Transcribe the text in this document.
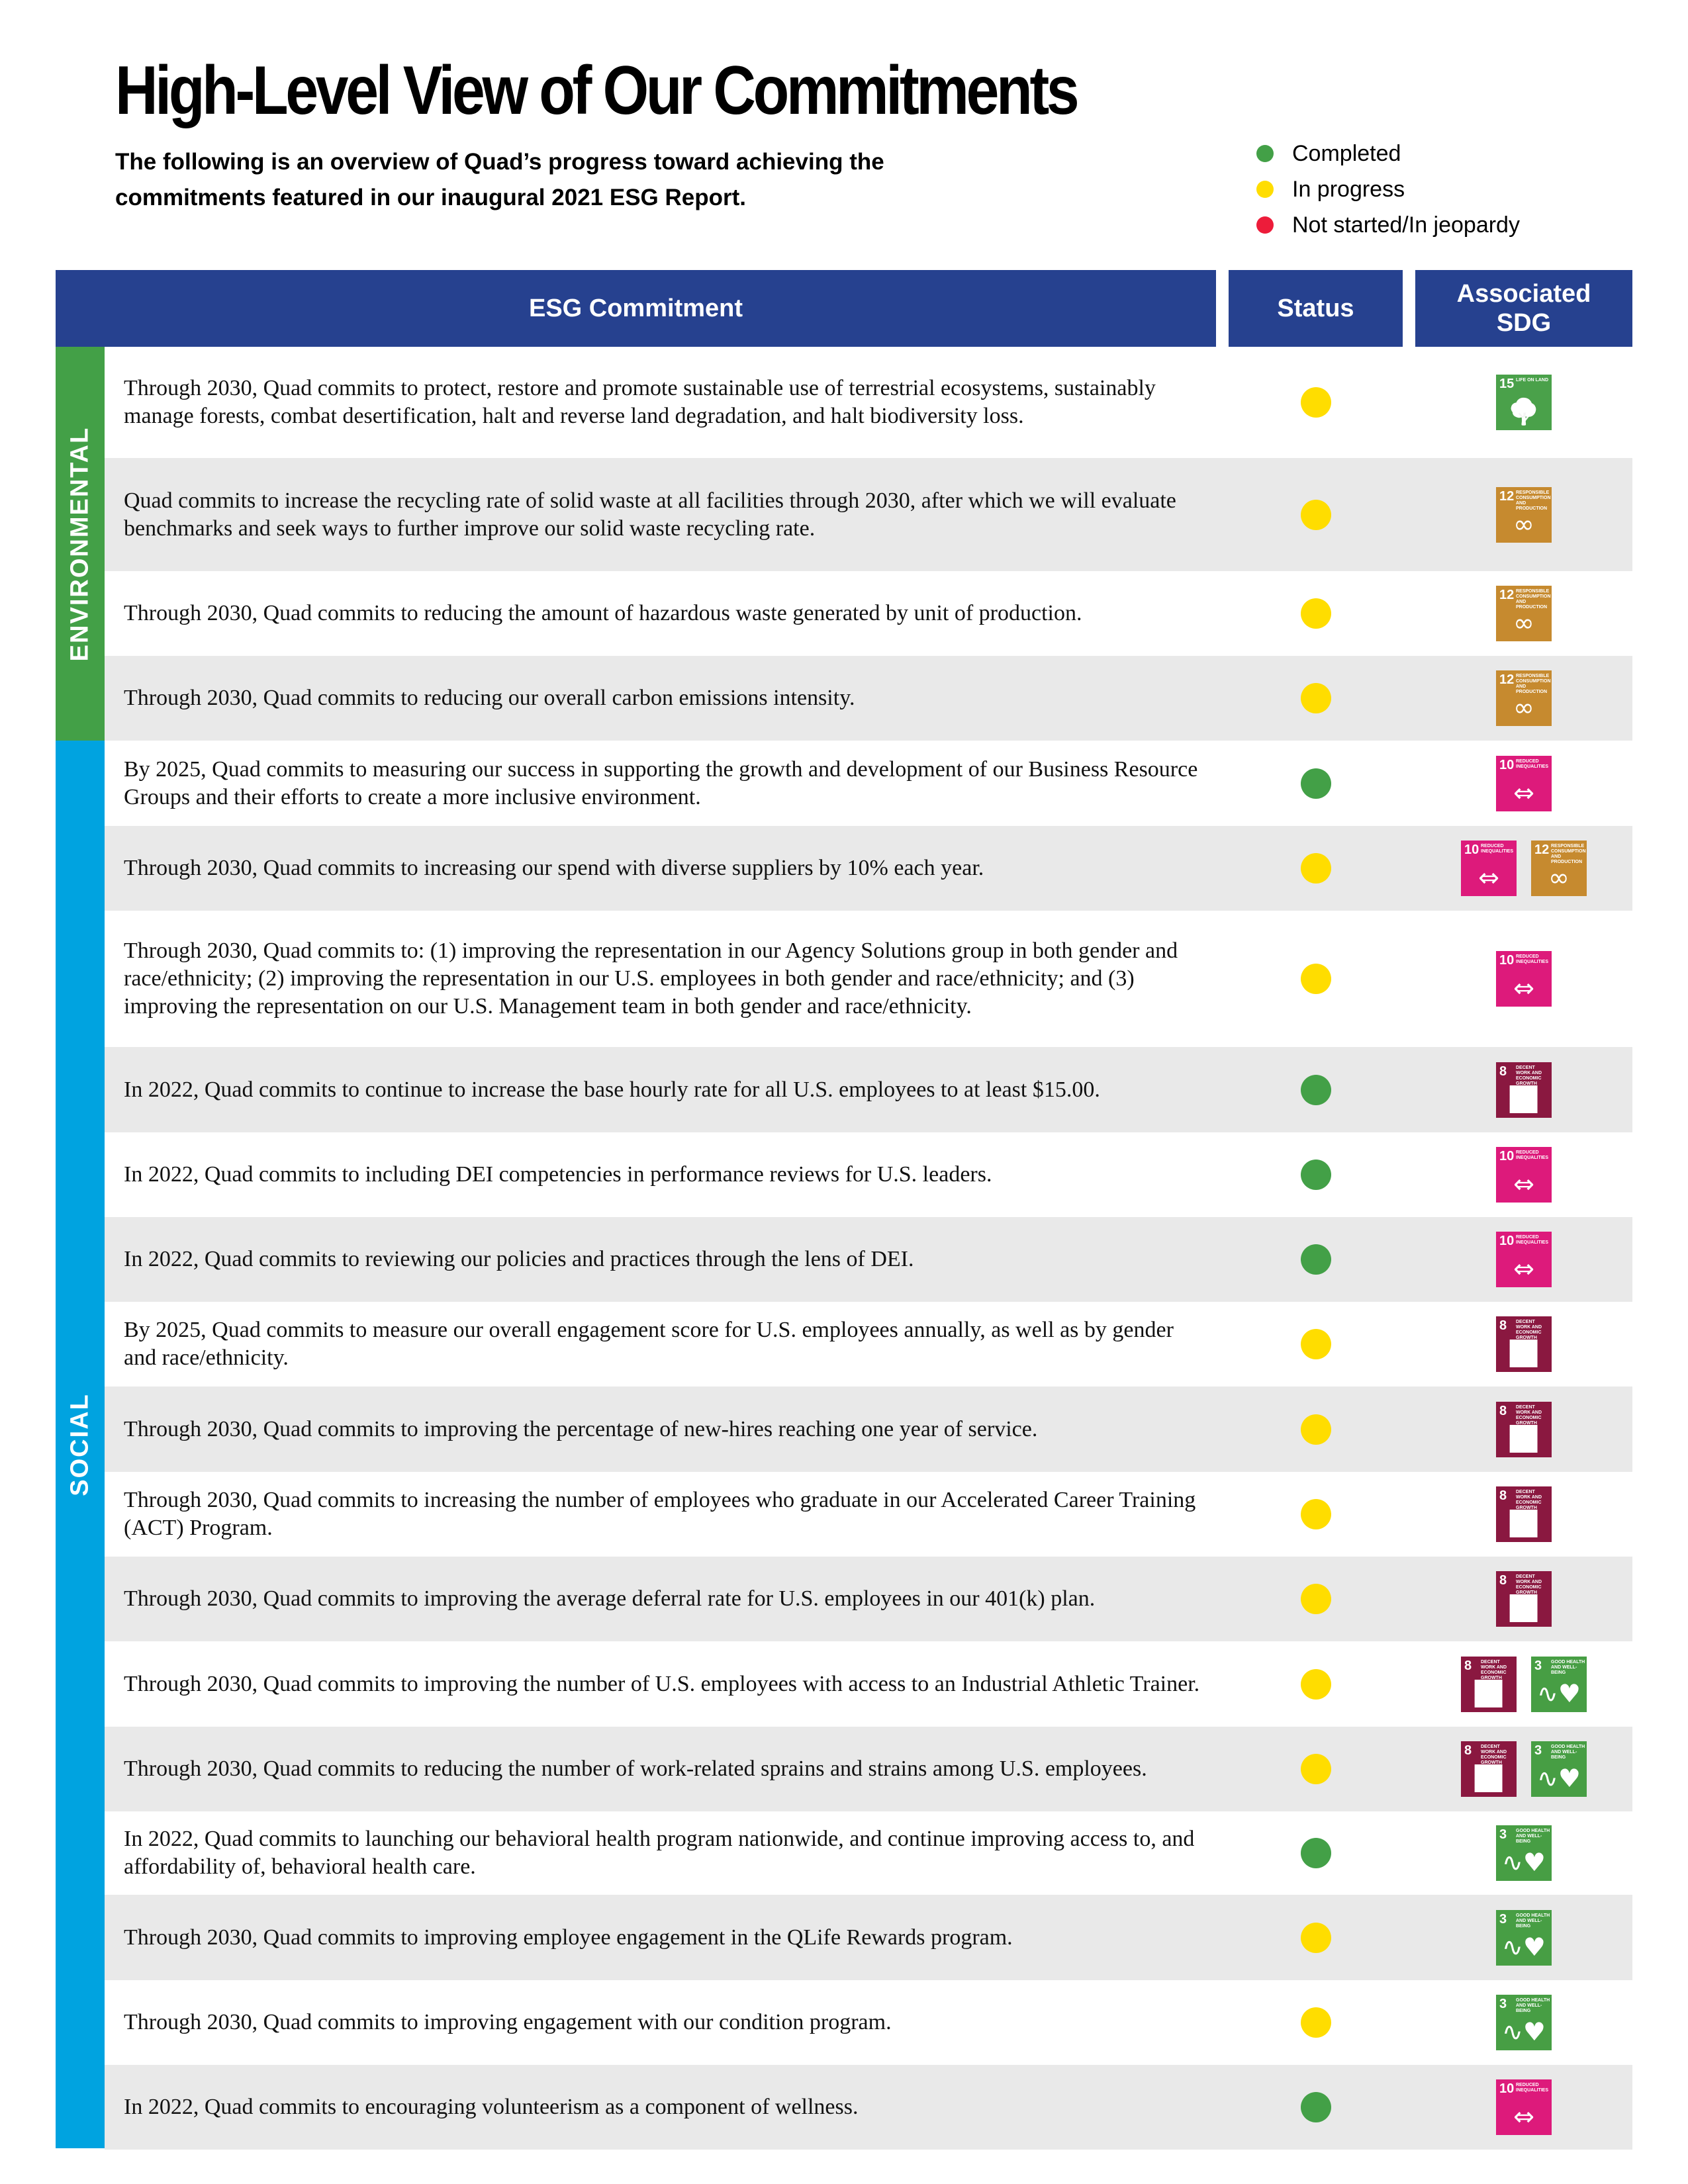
High-Level View of Our Commitments
The following is an overview of Quad’s progress toward achieving the commitments featured in our inaugural 2021 ESG Report.
Completed
In progress
Not started/In jeopardy
ESG Commitment	Status
Associated SDG
ENVIRONMENTAL
SOCIAL
Through 2030, Quad commits to protect, restore and promote sustainable use of terrestrial ecosystems, sustainably manage forests, combat desertification, halt and reverse land degradation, and halt biodiversity loss.
15 LIFE ON LAND
🌳
Quad commits to increase the recycling rate of solid waste at all facilities through 2030, after which we will evaluate benchmarks and seek ways to further improve our solid waste recycling rate.
12 RESPONSIBLE CONSUMPTION AND PRODUCTION
∞
Through 2030, Quad commits to reducing the amount of hazardous waste generated by unit of production.
12 RESPONSIBLE CONSUMPTION AND PRODUCTION
∞
Through 2030, Quad commits to reducing our overall carbon emissions intensity.
12 RESPONSIBLE CONSUMPTION AND PRODUCTION
∞
By 2025, Quad commits to measuring our success in supporting the growth and development of our Business Resource Groups and their efforts to create a more inclusive environment.
10 REDUCED INEQUALITIES
⇔
Through 2030, Quad commits to increasing our spend with diverse suppliers by 10% each year.
10 REDUCED INEQUALITIES
⇔
12 RESPONSIBLE CONSUMPTION AND PRODUCTION
∞
Through 2030, Quad commits to: (1) improving the representation in our Agency Solutions group in both gender and race/ethnicity; (2) improving the representation in our U.S. employees in both gender and race/ethnicity; and (3) improving the representation on our U.S. Management team in both gender and race/ethnicity.
10 REDUCED INEQUALITIES
⇔
In 2022, Quad commits to continue to increase the base hourly rate for all U.S. employees to at least $15.00.
8 DECENT WORK AND ECONOMIC GROWTH
📈
In 2022, Quad commits to including DEI competencies in performance reviews for U.S. leaders.
10 REDUCED INEQUALITIES
⇔
In 2022, Quad commits to reviewing our policies and practices through the lens of DEI.
10 REDUCED INEQUALITIES
⇔
By 2025, Quad commits to measure our overall engagement score for U.S. employees annually, as well as by gender and race/ethnicity.
8 DECENT WORK AND ECONOMIC GROWTH
📈
Through 2030, Quad commits to improving the percentage of new-hires reaching one year of service.
8 DECENT WORK AND ECONOMIC GROWTH
📈
Through 2030, Quad commits to increasing the number of employees who graduate in our Accelerated Career Training (ACT) Program.
8 DECENT WORK AND ECONOMIC GROWTH
📈
Through 2030, Quad commits to improving the average deferral rate for U.S. employees in our 401(k) plan.
8 DECENT WORK AND ECONOMIC GROWTH
📈
Through 2030, Quad commits to improving the number of U.S. employees with access to an Industrial Athletic Trainer.
8 DECENT WORK AND ECONOMIC GROWTH
📈
3 GOOD HEALTH AND WELL-BEING
∿♥
Through 2030, Quad commits to reducing the number of work-related sprains and strains among U.S. employees.
8 DECENT WORK AND ECONOMIC GROWTH
📈
3 GOOD HEALTH AND WELL-BEING
∿♥
In 2022, Quad commits to launching our behavioral health program nationwide, and continue improving access to, and affordability of, behavioral health care.
3 GOOD HEALTH AND WELL-BEING
∿♥
Through 2030, Quad commits to improving employee engagement in the QLife Rewards program.
3 GOOD HEALTH AND WELL-BEING
∿♥
Through 2030, Quad commits to improving engagement with our condition program.
3 GOOD HEALTH AND WELL-BEING
∿♥
In 2022, Quad commits to encouraging volunteerism as a component of wellness.
10 REDUCED INEQUALITIES
⇔
